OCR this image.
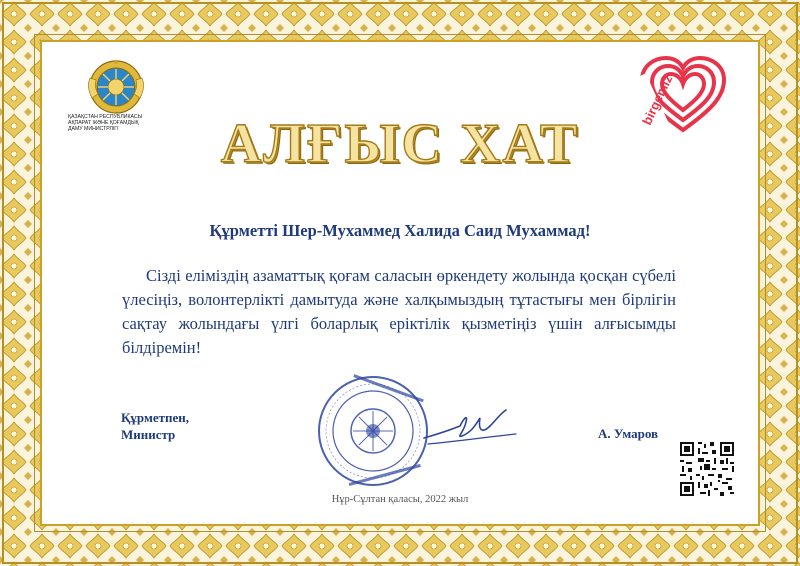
ҚАЗАҚСТАН РЕСПУБЛИКАСЫ
АҚПАРАТ ЖӘНЕ ҚОҒАМДЫҚ
ДАМУ МИНИСТРЛІГІ
birgemiz
АЛҒЫС ХАТ
Құрметті Шер-Мухаммед Халида Саид Мухаммад!
Сізді еліміздің азаматтық қоғам саласын өркендету жолында қосқан сүбелі үлесіңіз, волонтерлікті дамытуда және халқымыздың тұтастығы мен бірлігін сақтау жолындағы үлгі боларлық еріктілік қызметіңіз үшін алғысымды білдіремін!
Құрметпен,
Министр	А. Умаров
Нұр-Сұлтан қаласы, 2022 жыл
